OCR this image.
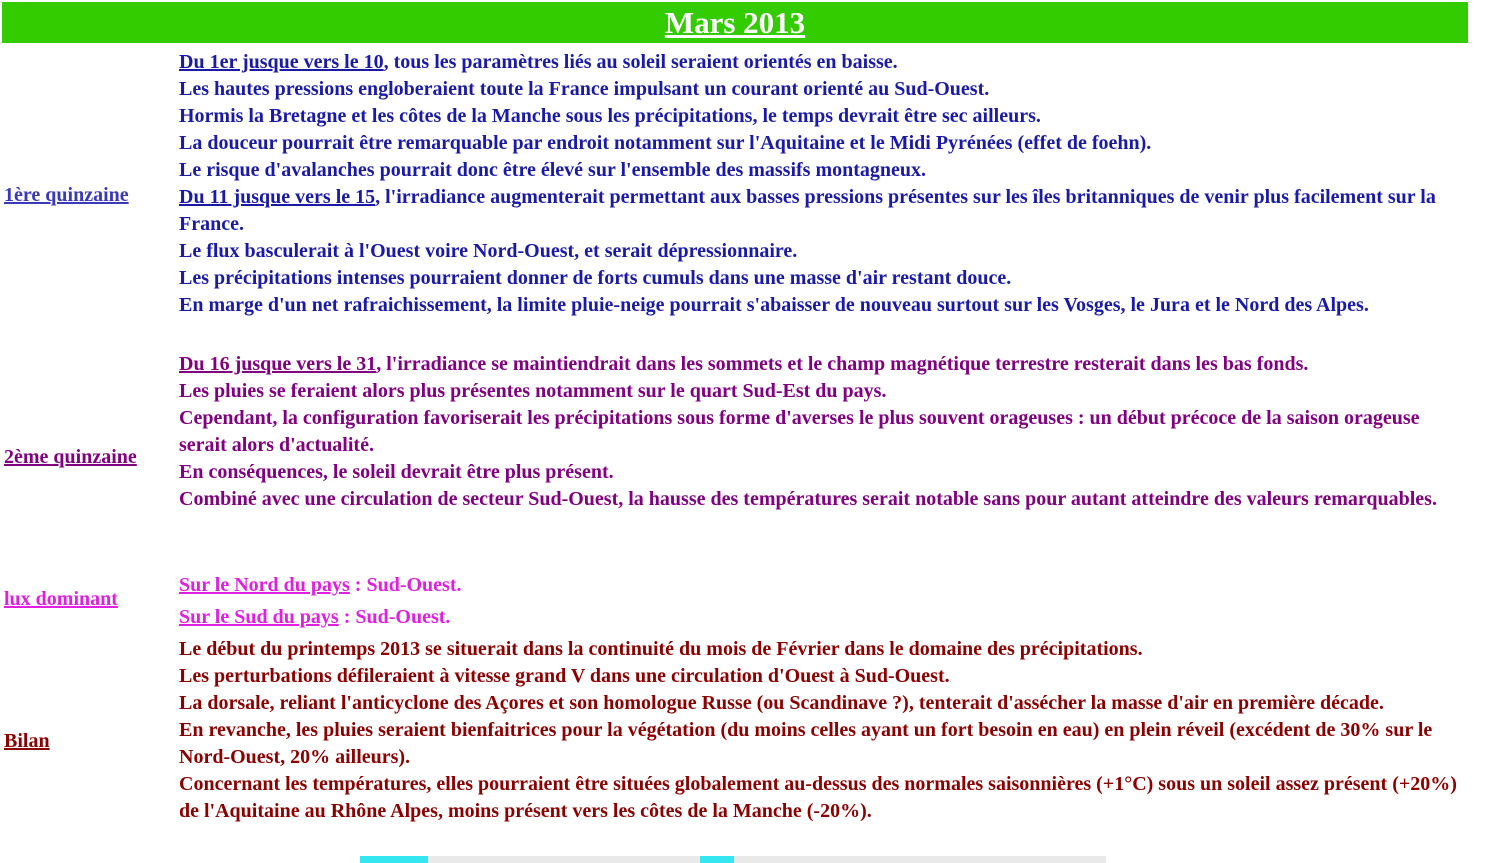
Mars 2013
1ère quinzaine

Du 1er jusque vers le 10, tous les paramètres liés au soleil seraient orientés en baisse.

Les hautes pressions engloberaient toute la France impulsant un courant orienté au Sud-Ouest.

Hormis la Bretagne et les côtes de la Manche sous les précipitations, le temps devrait être sec ailleurs.

La douceur pourrait être remarquable par endroit notamment sur l'Aquitaine et le Midi Pyrénées (effet de foehn).

Le risque d'avalanches pourrait donc être élevé sur l'ensemble des massifs montagneux.

Du 11 jusque vers le 15, l'irradiance augmenterait permettant aux basses pressions présentes sur les îles britanniques de venir plus facilement sur la France.

Le flux basculerait à l'Ouest voire Nord-Ouest, et serait dépressionnaire.

Les précipitations intenses pourraient donner de forts cumuls dans une masse d'air restant douce.

En marge d'un net rafraichissement, la limite pluie-neige pourrait s'abaisser de nouveau surtout sur les Vosges, le Jura et le Nord des Alpes.

2ème quinzaine

Du 16 jusque vers le 31, l'irradiance se maintiendrait dans les sommets et le champ magnétique terrestre resterait dans les bas fonds.

Les pluies se feraient alors plus présentes notamment sur le quart Sud-Est du pays.

Cependant, la configuration favoriserait les précipitations sous forme d'averses le plus souvent orageuses : un début précoce de la saison orageuse serait alors d'actualité.

En conséquences, le soleil devrait être plus présent.

Combiné avec une circulation de secteur Sud-Ouest, la hausse des températures serait notable sans pour autant atteindre des valeurs remarquables.

lux dominant

Sur le Nord du pays : Sud-Ouest.

Sur le Sud du pays : Sud-Ouest.

Bilan

Le début du printemps 2013 se situerait dans la continuité du mois de Février dans le domaine des précipitations.

Les perturbations défileraient à vitesse grand V dans une circulation d'Ouest à Sud-Ouest.

La dorsale, reliant l'anticyclone des Açores et son homologue Russe (ou Scandinave ?), tenterait d'assécher la masse d'air en première décade.

En revanche, les pluies seraient bienfaitrices pour la végétation (du moins celles ayant un fort besoin en eau) en plein réveil (excédent de 30% sur le Nord-Ouest, 20% ailleurs).

Concernant les températures, elles pourraient être situées globalement au-dessus des normales saisonnières (+1°C) sous un soleil assez présent (+20%) de l'Aquitaine au Rhône Alpes, moins présent vers les côtes de la Manche (-20%).
